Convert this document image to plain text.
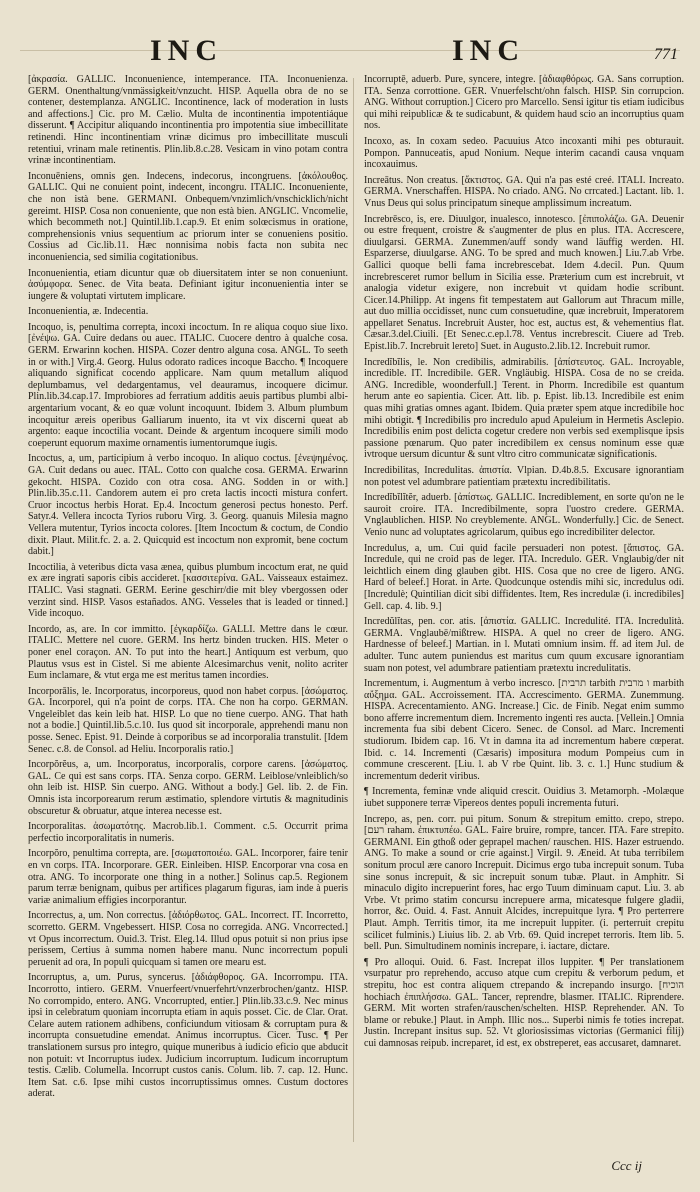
INC	INC	771

[ἀκρασία. GALLIC. Inconuenience, intemperance. ITA. Inconuenienza. GERM. Onenthaltung/vnmässigkeit/vnzucht. HISP. Aquella obra de no se contener, destemplanza. ANGLIC. Incontinence, lack of moderation in lusts and affections.] Cic. pro M. Cælio. Multa de incontinentia impotentiáque disserunt. ¶ Accipitur aliquando incontinentia pro impotentia siue imbecillitate retinendi. Hinc incontinentiam vrinæ dicimus pro imbecillitate musculi retentiui, vrinam male retinentis. Plin.lib.8.c.28. Vesicam in vino potam contra vrinæ incontinentiam.

Inconuēniens, omnis gen. Indecens, indecorus, incongruens. [ἀκόλουθος. GALLIC. Qui ne conuient point, indecent, incongru. ITALIC. Inconueniente, che non istà bene. GERMANI. Onbequem/vnzimlich/vnschicklich/nicht gereimt. HISP. Cosa non conueniente, que non està bien. ANGLIC. Vncomelie, which becommeth not.] Quintil.lib.1.cap.9. Et enim solœcismus in oratione, comprehensionis vnius sequentium ac priorum inter se conueniens positio. Cossius ad Cic.lib.11. Hæc nonnisima nobis facta non subita nec inconueniencia, sed similia cogitationibus.

Inconuenientia, etiam dicuntur quæ ob diuersitatem inter se non conueniunt. ἀσύμφορα. Senec. de Vita beata. Definiant igitur inconuenientia inter se iungere & voluptati virtutem implicare.

Inconuenientia, æ. Indecentia.

Incoquo, is, penultima correpta, incoxi incoctum. In re aliqua coquo siue lixo. [ἐνέψω. GA. Cuire dedans ou auec. ITALIC. Cuocere dentro à qualche cosa. GERM. Erwarinn kochen. HISPA. Cozer dentro alguna cosa. ANGL. To seeth in or with.] Virg.4. Georg. Hulus odorato radices incoque Baccho. ¶ Incoquere aliquando significat cocendo applicare. Nam quum metallum aliquod deplumbamus, vel dedargentamus, vel deauramus, incoquere dicimur. Plin.lib.34.cap.17. Improbiores ad ferratium additis aeuis partibus plumbi albi-argentarium vocant, & eo quæ volunt incoquunt. Ibidem 3. Album plumbum incoquitur æreis operibus Galliarum inuento, ita vt vix discerni queat ab argento: eaque incoctilia vocant. Deinde & argentum incoquere simili modo coeperunt equorum maxime ornamentis iumentorumque iugis.

Incoctus, a, um, participium à verbo incoquo. In aliquo coctus. [ἐνεψημένος. GA. Cuit dedans ou auec. ITAL. Cotto con qualche cosa. GERMA. Erwarinn gekocht. HISPA. Cozido con otra cosa. ANG. Sodden in or with.] Plin.lib.35.c.11. Candorem autem ei pro creta lactis incocti mistura confert. Cruor incoctus herbis Horat. Ep.4. Incoctum generosi pectus honesto. Perf. Satyr.4. Vellera incocta Tyrios ruboru Virg. 3. Georg. quanuis Milesia magno Vellera mutentur, Tyrios incocta colores. [Item Incoctum & coctum, de Condio dixit. Plaut. Milit.fc. 2. a. 2. Quicquid est incoctum non expromit, bene coctum dabit.]

Incoctilia, à veteribus dicta vasa ænea, quibus plumbum incoctum erat, ne quid ex ære ingrati saporis cibis accideret. [κασσιτερίνα. GAL. Vaisseaux estaimez. ITALIC. Vasi stagnati. GERM. Eerine geschirr/die mit bley vbergossen oder verzint sind. HISP. Vasos estañados. ANG. Vesseles that is leaded or tinned.] Vide incoquo.

Incordo, as, are. In cor immitto. [ἐγκαρδίζω. GALLI. Mettre dans le cœur. ITALIC. Mettere nel cuore. GERM. Ins hertz binden trucken. HIS. Meter o poner enel coraçon. AN. To put into the heart.] Antiquum est verbum, quo Plautus vsus est in Cistel. Si me abiente Alcesimarchus venit, nolito acriter Eum inclamare, & vtut erga me est meritus tamen incordies.

Incorporālis, le. Incorporatus, incorporeus, quod non habet corpus. [ἀσώματος. GA. Incorporel, qui n'a point de corps. ITA. Che non ha corpo. GERMAN. Vngeleiblet das kein leib hat. HISP. Lo que no tiene cuerpo. ANG. That hath not a bodie.] Quintil.lib.5.c.10. Ius quod sit incorporale, apprehendi manu non posse. Senec. Epist. 91. Deinde à corporibus se ad incorporalia transtulit. [Idem Senec. c.8. de Consol. ad Heliu. Incorporalis ratio.]

Incorpŏrĕus, a, um. Incorporatus, incorporalis, corpore carens. [ἀσώματος. GAL. Ce qui est sans corps. ITA. Senza corpo. GERM. Leiblose/vnleiblich/so ohn leib ist. HISP. Sin cuerpo. ANG. Without a body.] Gel. lib. 2. de Fin. Omnis ista incorporearum rerum æstimatio, splendore virtutis & magnitudinis obscuretur & obruatur, atque interea necesse est.

Incorporalitas. ἀσωματότης. Macrob.lib.1. Comment. c.5. Occurrit prima perfectio incorporalitatis in numeris.

Incorpŏro, penultima correpta, are. [σωματοποιέω. GAL. Incorporer, faire tenir en vn corps. ITA. Incorporare. GER. Einleiben. HISP. Encorporar vna cosa en otra. ANG. To incorporate one thing in a nother.] Solinus cap.5. Regionem parum terræ benignam, quibus per artifices plagarum figuras, iam inde à pueris variæ animalium effigies incorporantur.

Incorrectus, a, um. Non correctus. [ἀδιόρθωτος. GAL. Incorrect. IT. Incorretto, scorretto. GERM. Vngebessert. HISP. Cosa no corregida. ANG. Vncorrected.] vt Opus incorrectum. Ouid.3. Trist. Eleg.14. Illud opus potuit si non prius ipse perissem, Certius à summa nomen habere manu. Nunc incorrectum populi peruenit ad ora, In populi quicquam si tamen ore mearu est.

Incorruptus, a, um. Purus, syncerus. [ἀδιάφθορος. GA. Incorrompu. ITA. Incorrotto, intiero. GERM. Vnuerfeert/vnuerfehrt/vnzerbrochen/gantz. HISP. No corrompido, entero. ANG. Vncorrupted, entier.] Plin.lib.33.c.9. Nec minus ipsi in celebratum quoniam incorrupta etiam in aquis posset. Cic. de Clar. Orat. Celare autem rationem adhibens, conficiundum vitiosam & corruptam pura & incorrupta consuetudine emendat. Animus incorruptus. Cicer. Tusc. ¶ Per translationem sursus pro integro, quique muneribus à iudicio eficio que abducit non potuit: vt Incorruptus iudex. Judicium incorruptum. Iudicum incorruptum testis. Cælib. Columella. Incorrupt custos canis. Colum. lib. 7. cap. 12. Hunc. Item Sat. c.6. Ipse mihi custos incorruptissimus omnes. Custum doctores aderat.

Incorruptē, aduerb. Pure, syncere, integre. [ἀδιαφθόρως. GA. Sans corruption. ITA. Senza corrottione. GER. Vnuerfelscht/ohn falsch. HISP. Sin corrupcion. ANG. Without corruption.] Cicero pro Marcello. Sensi igitur tis etiam iudicibus qui mihi reipublicæ & te sudicabunt, & quidem haud scio an incorruptius quam nos.

Incoxo, as. In coxam sedeo. Pacuuius Atco incoxanti mihi pes obturauit. Pompon. Pannuceatis, apud Nonium. Neque interim cacandi causa vnquam incoxauimus.

Increātus. Non creatus. [ἄκτιστος. GA. Qui n'a pas esté creé. ITALI. Increato. GERMA. Vnerschaffen. HISPA. No criado. ANG. No crrcated.] Lactant. lib. 1. Vnus Deus qui solus principatum sineque amplissimum increatum.

Increbrēsco, is, ere. Diuulgor, inualesco, innotesco. [ἐπιπολάζω. GA. Deuenir ou estre frequent, croistre & s'augmenter de plus en plus. ITA. Accrescere, diuulgarsi. GERMA. Zunemmen/auff sondy wand läuffig werden. HI. Esparzerse, diuulgarse. ANG. To be spred and much knowen.] Liu.7.ab Vrbe. Gallici quoque belli fama increbrescebat. Idem 4.decil. Pun. Quum increbresceret rumor bellum in Sicilia esse. Præterium cum est increbruit, vt analogia videtur exigere, non increbuit vt quidam hodie scribunt. Cicer.14.Philipp. At ingens fit tempestatem aut Gallorum aut Thracum mille, aut duo millia occidisset, nunc cum consuetudine, quæ increbruit, Imperatorem appellaret Senatus. Increbruit Auster, hoc est, auctus est, & vehementius flat. Cæsar.3.del.Ciuili. [Et Senec.c.ep.l.78. Ventus increbrescit. Ciuere ad Treb. Epist.lib.7. Increbruit lereto] Suet. in Augusto.2.lib.12. Increbuit rumor.

Incredĭbĭlis, le. Non credibilis, admirabilis. [ἀπίστευτος. GAL. Incroyable, incredible. IT. Incredibile. GER. Vngläubig. HISPA. Cosa de no se creida. ANG. Incredible, woonderfull.] Terent. in Phorm. Incredibile est quantum herum ante eo sapientia. Cicer. Att. lib. p. Epist. lib.13. Incredibile est enim quas mihi gratias omnes agant. Ibidem. Quia præter spem atque incredibile hoc mihi obtigit. ¶ Incredibilis pro incredulo apud Apuleium in Hermetis Asclepio. Incredibilis enim post delicta cogetur credere non verbis sed exemplisque ipsis passione pœnarum. Quo pater incredibilem ex census nominum esse quæ ivtroque uersum dicuntur & sunt vltro citro communicatæ significationis.

Incredibilitas, Incredulitas. ἀπιστία. Vlpian. D.4b.8.5. Excusare ignorantiam non potest vel adumbrare patientiam prætextu incredibilitatis.

Incredĭbĭlĭtĕr, aduerb. [ἀπίστως. GALLIC. Incrediblement, en sorte qu'on ne le sauroit croire. ITA. Incredibilmente, sopra l'uostro credere. GERMA. Vnglaublichen. HISP. No creyblemente. ANGL. Wonderfully.] Cic. de Senect. Venio nunc ad voluptates agricolarum, quibus ego incredibiliter delector.

Incredulus, a, um. Cui quid facile persuaderi non potest. [ἄπιστος. GA. Incredule, qui ne croid pas de leger. ITA. Incredulo. GER. Vnglaubig/der nit leichtlich einem ding glauben gibt. HIS. Cosa que no cree de ligero. ANG. Hard of beleef.] Horat. in Arte. Quodcunque ostendis mihi sic, incredulus odi. [Incredulè; Quintilian dicit sibi diffidentes. Item, Res incredulæ (i. incredibiles] Gell. cap. 4. lib. 9.]

Incredŭlĭtas, pen. cor. atis. [ἀπιστία. GALLIC. Incredulité. ITA. Incredulità. GERMA. Vnglaubē/mißtrew. HISPA. A quel no creer de ligero. ANG. Hardnesse of beleef.] Martian. in l. Mutati omnium insim. ff. ad item Jul. de adulter. Tunc autem puniendus est maritus cum quum excusare ignorantiam suam non potest, vel adumbrare patientiam prætextu incredulitatis.

Incrementum, i. Augmentum à verbo incresco. [תרבית tarbith ו מרבית marbith αὔξημα. GAL. Accroissement. ITA. Accrescimento. GERMA. Zunemmung. HISPA. Acrecentamiento. ANG. Increase.] Cic. de Finib. Negat enim summo bono afferre incrementum diem. Incremento ingenti res aucta. [Vellein.] Omnia incrementa fua sibi debent Cicero. Senec. de Consol. ad Marc. Incrementi studiorum. Ibidem cap. 16. Vt in damna ita ad incrementum habere cœperat. Ibid. c. 14. Incrementi (Cæsaris) impositura modum Pompeius cum in commune crescerent. [Liu. l. ab V rbe Quint. lib. 3. c. 1.] Hunc studium & incrementum dederit viribus.

¶ Incrementa, feminæ vnde aliquid crescit. Ouidius 3. Metamorph. -Molæque iubet supponere terræ Vipereos dentes populi incrementa futuri.

Increpo, as, pen. corr. pui pitum. Sonum & strepitum emitto. crepo, strepo. [רעם raham. ἐπικτυπέω. GAL. Faire bruire, rompre, tancer. ITA. Fare strepito. GERMANI. Ein gthoß oder geprapel machen/ rauschen. HIS. Hazer estruendo. ANG. To make a sound or crie against.] Virgil. 9. Æneid. At tuba terribilem sonitum procul ære canoro Increpuit. Dicimus ergo tuba increpuit sonum. Tuba sine sonus increpuit, & sic increpuit sonum tubæ. Plaut. in Amphitr. Si minaculo digito increpuerint fores, hac ergo Tuum diminuam caput. Liu. 3. ab Vrbe. Vt primo statim concursu increpuere arma, micatesque fulgere gladii, horror, &c. Ouid. 4. Fast. Annuit Alcides, increpuitque lyra. ¶ Pro perterrere Plaut. Amph. Territis timor, ita me increpuit luppiter. (i. perterruit crepitu scilicet fulminis.) Liuius lib. 2. ab Vrb. 69. Quid increpet terroris. Item lib. 5. bell. Pun. Simultudinem nominis increpare, i. iactare, dictare.

¶ Pro alloqui. Ouid. 6. Fast. Increpat illos luppiter. ¶ Per translationem vsurpatur pro reprehendo, accuso atque cum crepitu & verborum pedum, et strepitu, hoc est contra aliquem ctrepando & increpando insurgo. [הוכיח hochiach ἐπιπλήσσω. GAL. Tancer, reprendre, blasmer. ITALIC. Riprendere. GERM. Mit worten strafen/rauschen/schelten. HISP. Reprehender. AN. To blame or rebuke.] Plaut. in Amph. Illic nos... Superbi nimis fe toties increpat. Justin. Increpant insitus sup. 52. Vt gloriosissimas victorias (Germanici filij) cui damnosas reipub. increparet, id est, ex obstreperet, eas accusaret, damnaret.

Ccc ij
